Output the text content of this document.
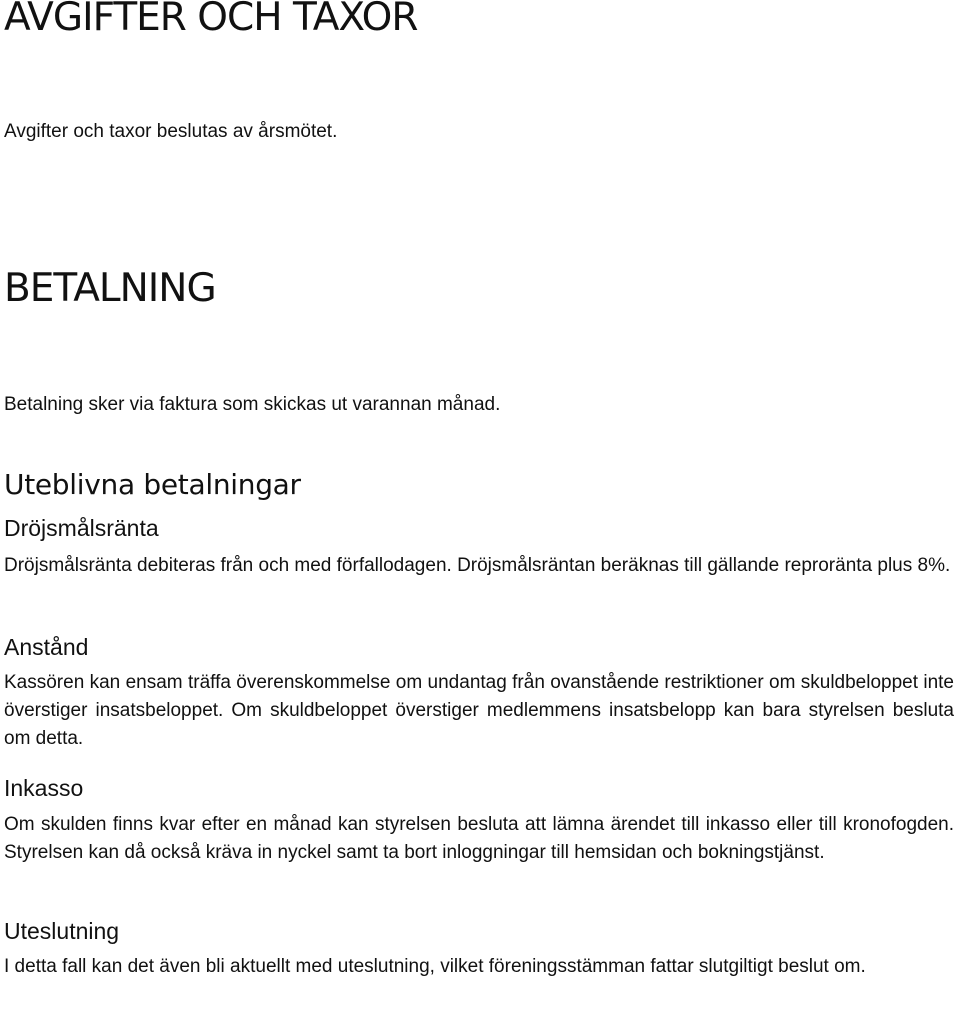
AVGIFTER OCH TAXOR

Avgifter och taxor beslutas av årsmötet.

BETALNING

Betalning sker via faktura som skickas ut varannan månad.

Uteblivna betalningar
Dröjsmålsränta

Dröjsmålsränta debiteras från och med förfallodagen. Dröjsmålsräntan beräknas till gällande reproränta plus 8%.

Anstånd

Kassören kan ensam träffa överenskommelse om undantag från ovanstående restriktioner om skuldbeloppet inte överstiger insatsbeloppet. Om skuldbeloppet överstiger medlemmens insatsbelopp kan bara styrelsen besluta om detta.

Inkasso

Om skulden finns kvar efter en månad kan styrelsen besluta att lämna ärendet till inkasso eller till kronofogden. Styrelsen kan då också kräva in nyckel samt ta bort inloggningar till hemsidan och bokningstjänst.

Uteslutning

I detta fall kan det även bli aktuellt med uteslutning, vilket föreningsstämman fattar slutgiltigt beslut om.
